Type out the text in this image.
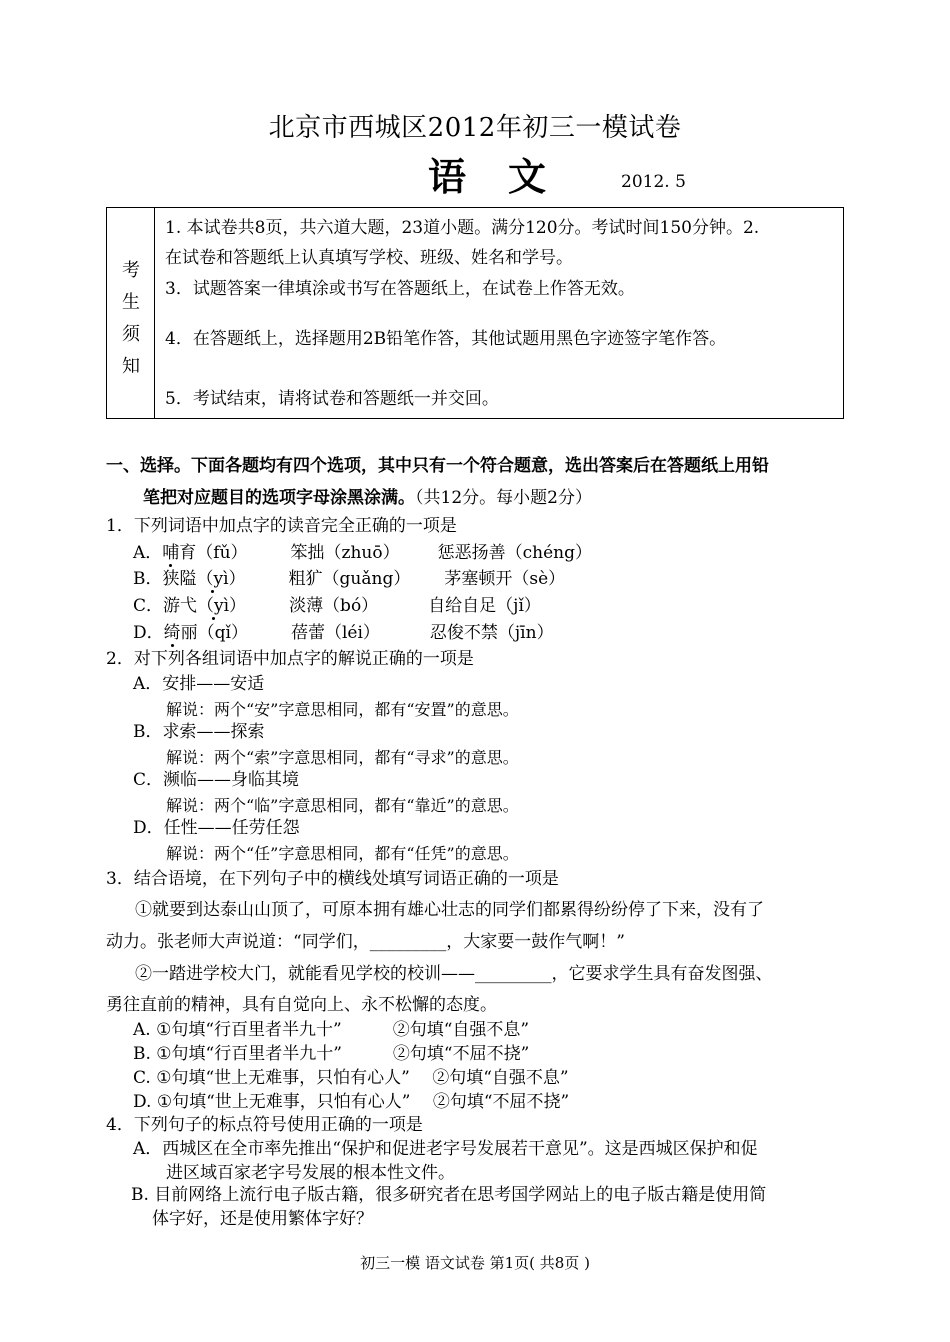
北京市西城区2012年初三一模试卷
语　文	2012. 5
考
生
须
知
1. 本试卷共8页，共六道大题，23道小题。满分120分。考试时间150分钟。2.
在试卷和答题纸上认真填写学校、班级、姓名和学号。
3．试题答案一律填涂或书写在答题纸上，在试卷上作答无效。
4．在答题纸上，选择题用2B铅笔作答，其他试题用黑色字迹签字笔作答。
5．考试结束，请将试卷和答题纸一并交回。
一、选择。下面各题均有四个选项，其中只有一个符合题意，选出答案后在答题纸上用铅
笔把对应题目的选项字母涂黑涂满。（共12分。每小题2分）
1．下列词语中加点字的读音完全正确的一项是
A．哺育（fǔ）	笨拙（zhuō） 惩恶扬善（chéng）
B．狭隘（yì）	粗犷（guǎng） 茅塞顿开（sè）
C．游弋（yì）	淡薄（bó）	自给自足（jǐ）
D．绮丽（qǐ）	蓓蕾（léi）	忍俊不禁（jīn）
2．对下列各组词语中加点字的解说正确的一项是
A．安排——安适
解说：两个“安”字意思相同，都有“安置”的意思。
B．求索——探索
解说：两个“索”字意思相同，都有“寻求”的意思。
C．濒临——身临其境
解说：两个“临”字意思相同，都有“靠近”的意思。
D．任性——任劳任怨
解说：两个“任”字意思相同，都有“任凭”的意思。
3．结合语境，在下列句子中的横线处填写词语正确的一项是
①就要到达泰山山顶了，可原本拥有雄心壮志的同学们都累得纷纷停了下来，没有了
动力。张老师大声说道：“同学们，_________，大家要一鼓作气啊！”
②一踏进学校大门，就能看见学校的校训——_________，它要求学生具有奋发图强、
勇往直前的精神，具有自觉向上、永不松懈的态度。
A. ①句填“行百里者半九十”　　　②句填“自强不息”
B. ①句填“行百里者半九十”　　　②句填“不屈不挠”
C. ①句填“世上无难事，只怕有心人”　 ②句填“自强不息”
D. ①句填“世上无难事，只怕有心人”　 ②句填“不屈不挠”
4．下列句子的标点符号使用正确的一项是
A．西城区在全市率先推出“保护和促进老字号发展若干意见”。这是西城区保护和促
进区域百家老字号发展的根本性文件。
B. 目前网络上流行电子版古籍，很多研究者在思考国学网站上的电子版古籍是使用简
体字好，还是使用繁体字好？
初三一模 语文试卷 第1页( 共8页 )
